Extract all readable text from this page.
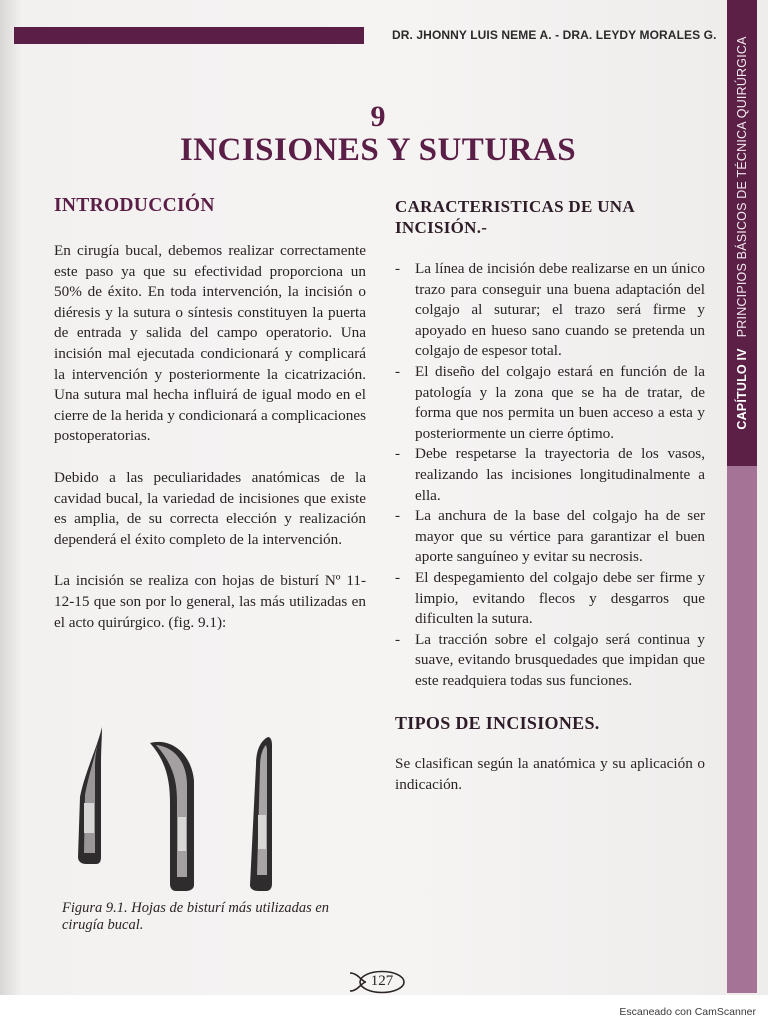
DR. JHONNY LUIS NEME A. - DRA. LEYDY MORALES G.
CAPÍTULO IV   PRINCIPIOS BÁSICOS DE TÉCNICA QUIRÚRGICA
9
INCISIONES Y SUTURAS
INTRODUCCIÓN

En cirugía bucal, debemos realizar correctamente este paso ya que su efectividad proporciona un 50% de éxito. En toda intervención, la incisión o diéresis y la sutura o síntesis constituyen la puerta de entrada y salida del campo operatorio. Una incisión mal ejecutada condicionará y complicará la intervención y posteriormente la cicatrización. Una sutura mal hecha influirá de igual modo en el cierre de la herida y condicionará a complicaciones postoperatorias.

Debido a las peculiaridades anatómicas de la cavidad bucal, la variedad de incisiones que existe es amplia, de su correcta elección y realización dependerá el éxito completo de la intervención.

La incisión se realiza con hojas de bisturí Nº 11-12-15 que son por lo general, las más utilizadas en el acto quirúrgico. (fig. 9.1):

Figura 9.1. Hojas de bisturí más utilizadas en cirugía bucal.
CARACTERISTICAS DE UNA INCISIÓN.-
- La línea de incisión debe realizarse en un único trazo para conseguir una buena adaptación del colgajo al suturar; el trazo será firme y apoyado en hueso sano cuando se pretenda un colgajo de espesor total.
- El diseño del colgajo estará en función de la patología y la zona que se ha de tratar, de forma que nos permita un buen acceso a esta y posteriormente un cierre óptimo.
- Debe respetarse la trayectoria de los vasos, realizando las incisiones longitudinalmente a ella.
- La anchura de la base del colgajo ha de ser mayor que su vértice para garantizar el buen aporte sanguíneo y evitar su necrosis.
- El despegamiento del colgajo debe ser firme y limpio, evitando flecos y desgarros que dificulten la sutura.
- La tracción sobre el colgajo será continua y suave, evitando brusquedades que impidan que este readquiera todas sus funciones.
TIPOS DE INCISIONES.

Se clasifican según la anatómica y su aplicación o indicación.

127
Escaneado con CamScanner
